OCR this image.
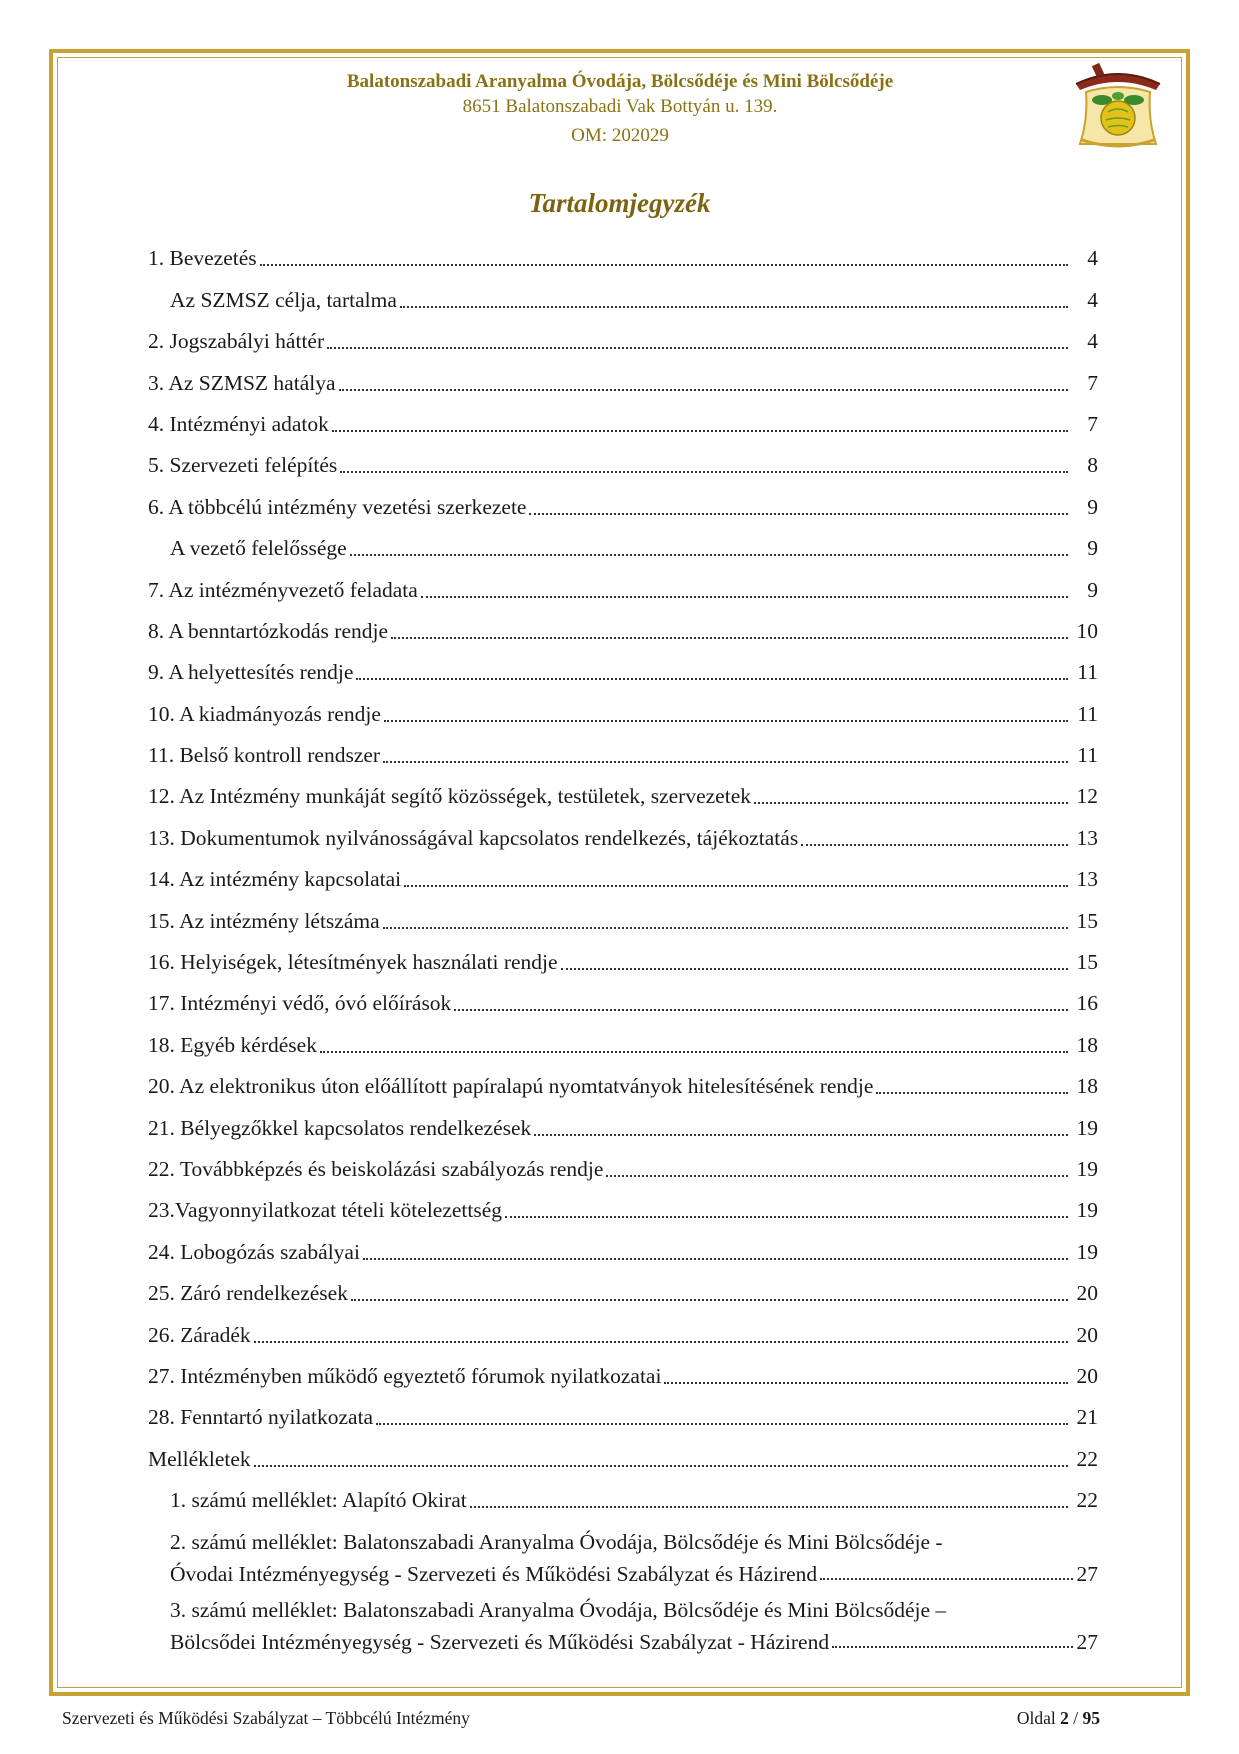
Balatonszabadi Aranyalma Óvodája, Bölcsődéje és Mini Bölcsődéje
8651 Balatonszabadi Vak Bottyán u. 139.
OM: 202029
Tartalomjegyzék
1. Bevezetés	4
Az SZMSZ célja, tartalma	4
2. Jogszabályi háttér	4
3. Az SZMSZ hatálya	7
4. Intézményi adatok	7
5. Szervezeti felépítés	8
6. A többcélú intézmény vezetési szerkezete	9
A vezető felelőssége	9
7. Az intézményvezető feladata	9
8. A benntartózkodás rendje	10
9. A helyettesítés rendje	11
10. A kiadmányozás rendje	11
11. Belső kontroll rendszer	11
12. Az Intézmény munkáját segítő közösségek, testületek, szervezetek	12
13. Dokumentumok nyilvánosságával kapcsolatos rendelkezés, tájékoztatás	13
14. Az intézmény kapcsolatai	13
15. Az intézmény létszáma	15
16. Helyiségek, létesítmények használati rendje	15
17. Intézményi védő, óvó előírások	16
18. Egyéb kérdések	18
20. Az elektronikus úton előállított papíralapú nyomtatványok hitelesítésének rendje	18
21. Bélyegzőkkel kapcsolatos rendelkezések	19
22. Továbbképzés és beiskolázási szabályozás rendje	19
23.Vagyonnyilatkozat tételi kötelezettség	19
24. Lobogózás szabályai	19
25. Záró rendelkezések	20
26. Záradék	20
27. Intézményben működő egyeztető fórumok nyilatkozatai	20
28. Fenntartó nyilatkozata	21
Mellékletek	22
1. számú melléklet: Alapító Okirat	22
2. számú melléklet: Balatonszabadi Aranyalma Óvodája, Bölcsődéje és Mini Bölcsődéje -
Óvodai Intézményegység - Szervezeti és Működési Szabályzat és Házirend	27
3. számú melléklet: Balatonszabadi Aranyalma Óvodája, Bölcsődéje és Mini Bölcsődéje –
Bölcsődei Intézményegység - Szervezeti és Működési Szabályzat - Házirend	27
Szervezeti és Működési Szabályzat – Többcélú Intézmény	Oldal 2 / 95
